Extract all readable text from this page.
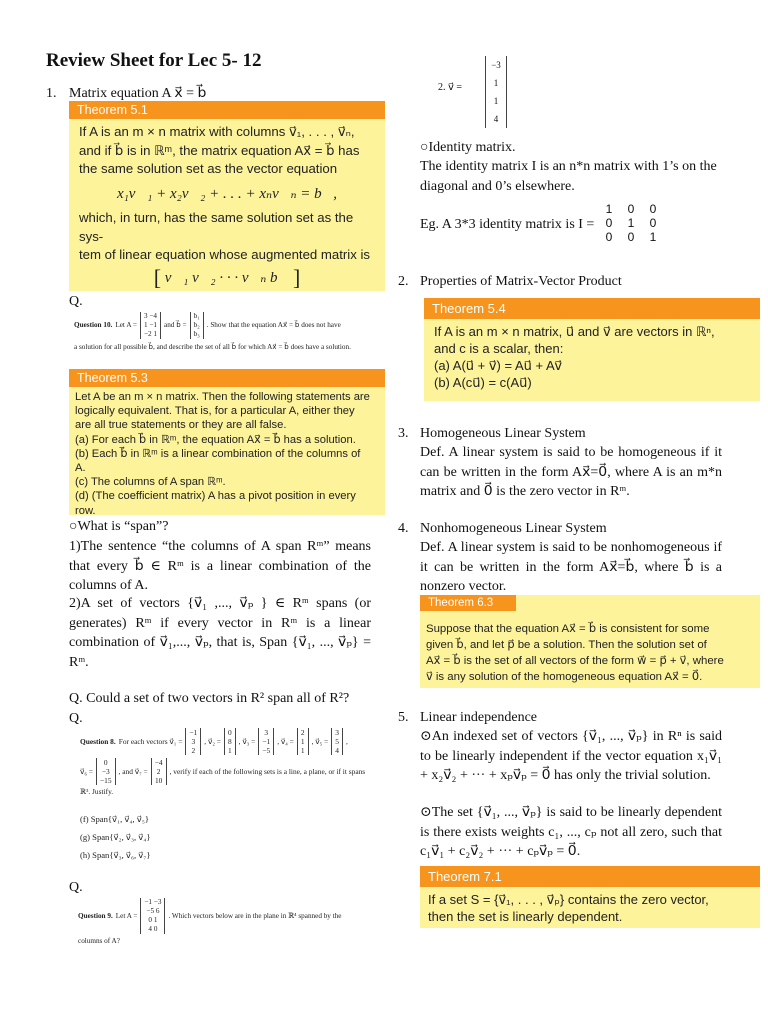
Review Sheet for Lec 5- 12
1. Matrix equation A x⃗ = b⃗
Theorem 5.1
If A is an m × n matrix with columns v⃗₁, . . . , v⃗ₙ,
and if b⃗ is in ℝᵐ, the matrix equation Ax⃗ = b⃗ has
the same solution set as the vector equation
x₁v⃗₁ + x₂v⃗₂ + . . . + xₙv⃗ₙ = b⃗,
which, in turn, has the same solution set as the sys-
tem of linear equation whose augmented matrix is
[ v⃗₁ v⃗₂ · · · v⃗ₙ b⃗ ]
Q.
Question 10. Let A =
3 −4
1 −1
−2 1
and b⃗ =
b₁
b₂
b₃
. Show that the equation Ax⃗ = b⃗ does not have
a solution for all possible b⃗, and describe the set of all b⃗ for which Ax⃗ = b⃗ does have a solution.
Theorem 5.3
Let A be an m × n matrix. Then the following statements are
logically equivalent. That is, for a particular A, either they
are all true statements or they are all false.
(a) For each b⃗ in ℝᵐ, the equation Ax⃗ = b⃗ has a solution.
(b) Each b⃗ in ℝᵐ is a linear combination of the columns of
A.
(c) The columns of A span ℝᵐ.
(d) (The coefficient matrix) A has a pivot position in every
row.
○What is “span”?
1)The sentence “the columns of A span Rᵐ” means that every b⃗ ∈ Rᵐ is a linear combination of the columns of A.
2)A set of vectors {v⃗₁ ,..., v⃗ₚ } ∈ Rᵐ spans (or generates) Rᵐ if every vector in Rᵐ is a linear combination of v⃗₁,..., v⃗ₚ, that is, Span {v⃗₁, ..., v⃗ₚ} = Rᵐ.
Q. Could a set of two vectors in R² span all of R²?
Q.
Question 8. For each vectors v⃗₁ =
−1
3
2
, v⃗₂ =
0
8
1
, v⃗₃ =
3
−1
−5
, v⃗₄ =
2
1
1
, v⃗₅ =
3
5
4
,
v⃗₆ =
0
−3
−15
, and v⃗₇ =
−4
2
10
, verify if each of the following sets is a line, a plane, or if it spans
ℝ³. Justify.
(f) Span{v⃗₁, v⃗₄, v⃗₅}
(g) Span{v⃗₂, v⃗₃, v⃗₄}
(h) Span{v⃗₃, v⃗₆, v⃗₇}
Q.
Question 9. Let A =
−1 −3
−5 6
0 1
4 0
. Which vectors below are in the plane in ℝ⁴ spanned by the
columns of A?
2. v⃗ =
−3
1
1
4
○Identity matrix.
The identity matrix I is an n*n matrix with 1’s on the diagonal and 0’s elsewhere.
Eg. A 3*3 identity matrix is I =
1 0 0
0 1 0
0 0 1
2. Properties of Matrix-Vector Product
Theorem 5.4
If A is an m × n matrix, u⃗ and v⃗ are vectors in ℝⁿ,
and c is a scalar, then:
(a) A(u⃗ + v⃗) = Au⃗ + Av⃗
(b) A(cu⃗) = c(Au⃗)
3. Homogeneous Linear System
Def. A linear system is said to be homogeneous if it can be written in the form Ax⃗=0⃗, where A is an m*n matrix and 0⃗ is the zero vector in Rᵐ.
4. Nonhomogeneous Linear System
Def. A linear system is said to be nonhomogeneous if it can be written in the form Ax⃗=b⃗, where b⃗ is a nonzero vector.
Theorem 6.3
Suppose that the equation Ax⃗ = b⃗ is consistent for some
given b⃗, and let p⃗ be a solution. Then the solution set of
Ax⃗ = b⃗ is the set of all vectors of the form w⃗ = p⃗ + v⃗, where
v⃗ is any solution of the homogeneous equation Ax⃗ = 0⃗.
5. Linear independence
⊙An indexed set of vectors {v⃗₁, ..., v⃗ₚ} in Rⁿ is said to be linearly independent if the vector equation x₁v⃗₁ + x₂v⃗₂ + ··· + xₚv⃗ₚ = 0⃗ has only the trivial solution.
⊙The set {v⃗₁, ..., v⃗ₚ} is said to be linearly dependent is there exists weights c₁, ..., cₚ not all zero, such that c₁v⃗₁ + c₂v⃗₂ + ··· + cₚv⃗ₚ = 0⃗.
Theorem 7.1
If a set S = {v⃗₁, . . . , v⃗ₚ} contains the zero vector,
then the set is linearly dependent.
